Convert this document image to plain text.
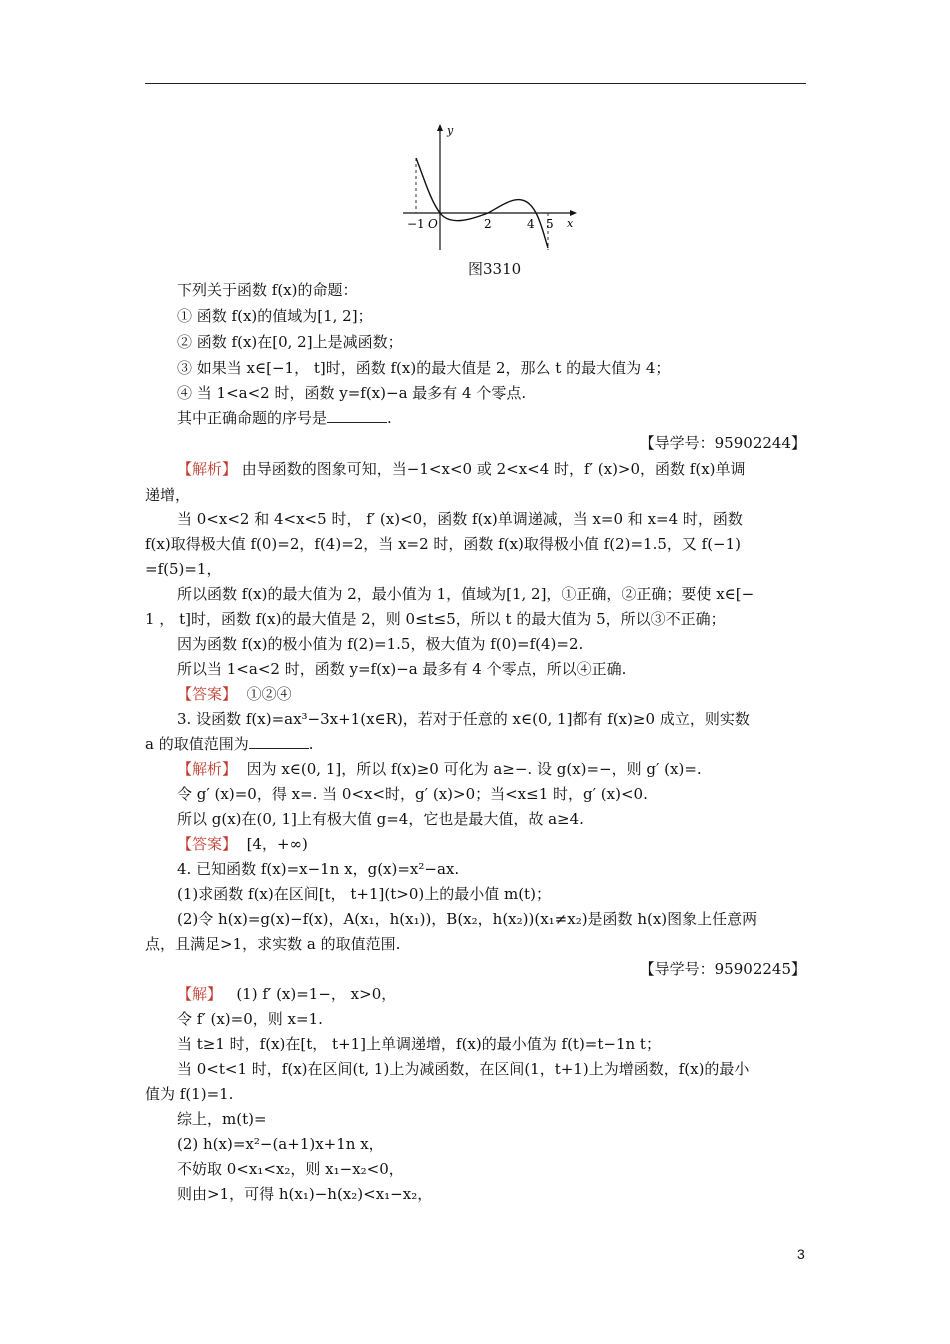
y
x
−1 O	2	4 5
图3310
下列关于函数 f(x)的命题：
① 函数 f(x)的值域为[1, 2]；
② 函数 f(x)在[0, 2]上是减函数；
③ 如果当 x∈[−1， t]时，函数 f(x)的最大值是 2，那么 t 的最大值为 4；
④ 当 1<a<2 时，函数 y=f(x)−a 最多有 4 个零点.
其中正确命题的序号是	.
【导学号：95902244】
【解析】 由导函数的图象可知，当−1<x<0 或 2<x<4 时，f′ (x)>0，函数 f(x)单调
递增，
当 0<x<2 和 4<x<5 时， f′ (x)<0，函数 f(x)单调递减，当 x=0 和 x=4 时，函数
f(x)取得极大值 f(0)=2，f(4)=2，当 x=2 时，函数 f(x)取得极小值 f(2)=1.5，又 f(−1)
=f(5)=1，
所以函数 f(x)的最大值为 2，最小值为 1，值域为[1, 2]，①正确，②正确；要使 x∈[−
1 ， t]时，函数 f(x)的最大值是 2，则 0≤t≤5，所以 t 的最大值为 5，所以③不正确；
因为函数 f(x)的极小值为 f(2)=1.5，极大值为 f(0)=f(4)=2.
所以当 1<a<2 时，函数 y=f(x)−a 最多有 4 个零点，所以④正确.
【答案】 ①②④
3. 设函数 f(x)=ax³−3x+1(x∈R)，若对于任意的 x∈(0, 1]都有 f(x)≥0 成立，则实数
a 的取值范围为	.
【解析】 因为 x∈(0, 1]，所以 f(x)≥0 可化为 a≥−. 设 g(x)=−，则 g′ (x)=.
令 g′ (x)=0，得 x=. 当 0<x<时，g′ (x)>0；当<x≤1 时，g′ (x)<0.
所以 g(x)在(0, 1]上有极大值 g=4，它也是最大值，故 a≥4.
【答案】 [4，+∞)
4. 已知函数 f(x)=x−1n x，g(x)=x²−ax.
(1)求函数 f(x)在区间[t， t+1](t>0)上的最小值 m(t)；
(2)令 h(x)=g(x)−f(x)，A(x₁，h(x₁))，B(x₂，h(x₂))(x₁≠x₂)是函数 h(x)图象上任意两
点，且满足>1，求实数 a 的取值范围.
【导学号：95902245】
【解】 (1) f′ (x)=1−， x>0，
令 f′ (x)=0，则 x=1.
当 t≥1 时，f(x)在[t， t+1]上单调递增，f(x)的最小值为 f(t)=t−1n t；
当 0<t<1 时，f(x)在区间(t, 1)上为减函数，在区间(1，t+1)上为增函数，f(x)的最小
值为 f(1)=1.
综上，m(t)=
(2) h(x)=x²−(a+1)x+1n x，
不妨取 0<x₁<x₂，则 x₁−x₂<0，
则由>1，可得 h(x₁)−h(x₂)<x₁−x₂，
3
